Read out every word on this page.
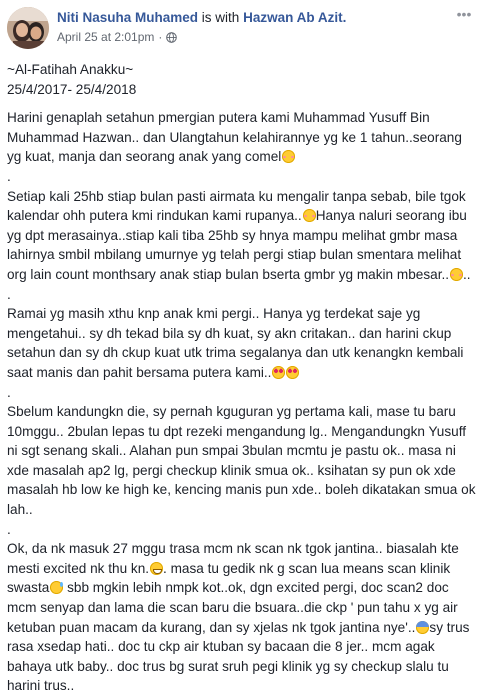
Niti Nasuha Muhamed is with Hazwan Ab Azit.
April 25 at 2:01pm ·
•••

~Al-Fatihah Anakku~

25/4/2017- 25/4/2018

Harini genaplah setahun pmergian putera kami Muhammad Yusuff Bin Muhammad Hazwan.. dan Ulangtahun kelahirannye yg ke 1 tahun..seorang yg kuat, manja dan seorang anak yang comel

.

Setiap kali 25hb stiap bulan pasti airmata ku mengalir tanpa sebab, bile tgok kalendar ohh putera kmi rindukan kami rupanya.. Hanya naluri seorang ibu yg dpt merasainya..stiap kali tiba 25hb sy hnya mampu melihat gmbr masa lahirnya smbil mbilang umurnye yg telah pergi stiap bulan smentara melihat org lain count monthsary anak stiap bulan bserta gmbr yg makin mbesar.. ..

.

Ramai yg masih xthu knp anak kmi pergi.. Hanya yg terdekat saje yg mengetahui.. sy dh tekad bila sy dh kuat, sy akn critakan.. dan harini ckup setahun dan sy dh ckup kuat utk trima segalanya dan utk kenangkn kembali saat manis dan pahit bersama putera kami..

.

Sbelum kandungkn die, sy pernah kguguran yg pertama kali, mase tu baru 10mggu.. 2bulan lepas tu dpt rezeki mengandung lg.. Mengandungkn Yusuff ni sgt senang skali.. Alahan pun smpai 3bulan mcmtu je pastu ok.. masa ni xde masalah ap2 lg, pergi checkup klinik smua ok.. ksihatan sy pun ok xde masalah hb low ke high ke, kencing manis pun xde.. boleh dikatakan smua ok lah..

.

Ok, da nk masuk 27 mggu trasa mcm nk scan nk tgok jantina.. biasalah kte mesti excited nk thu kn. . masa tu gedik nk g scan lua means scan klinik swasta sbb mgkin lebih nmpk kot..ok, dgn excited pergi, doc scan2 doc mcm senyap dan lama die scan baru die bsuara..die ckp ' pun tahu x yg air ketuban puan macam da kurang, dan sy xjelas nk tgok jantina nye'.. sy trus rasa xsedap hati.. doc tu ckp air ktuban sy bacaan die 8 jer.. mcm agak bahaya utk baby.. doc trus bg surat sruh pegi klinik yg sy checkup slalu tu harini trus..
